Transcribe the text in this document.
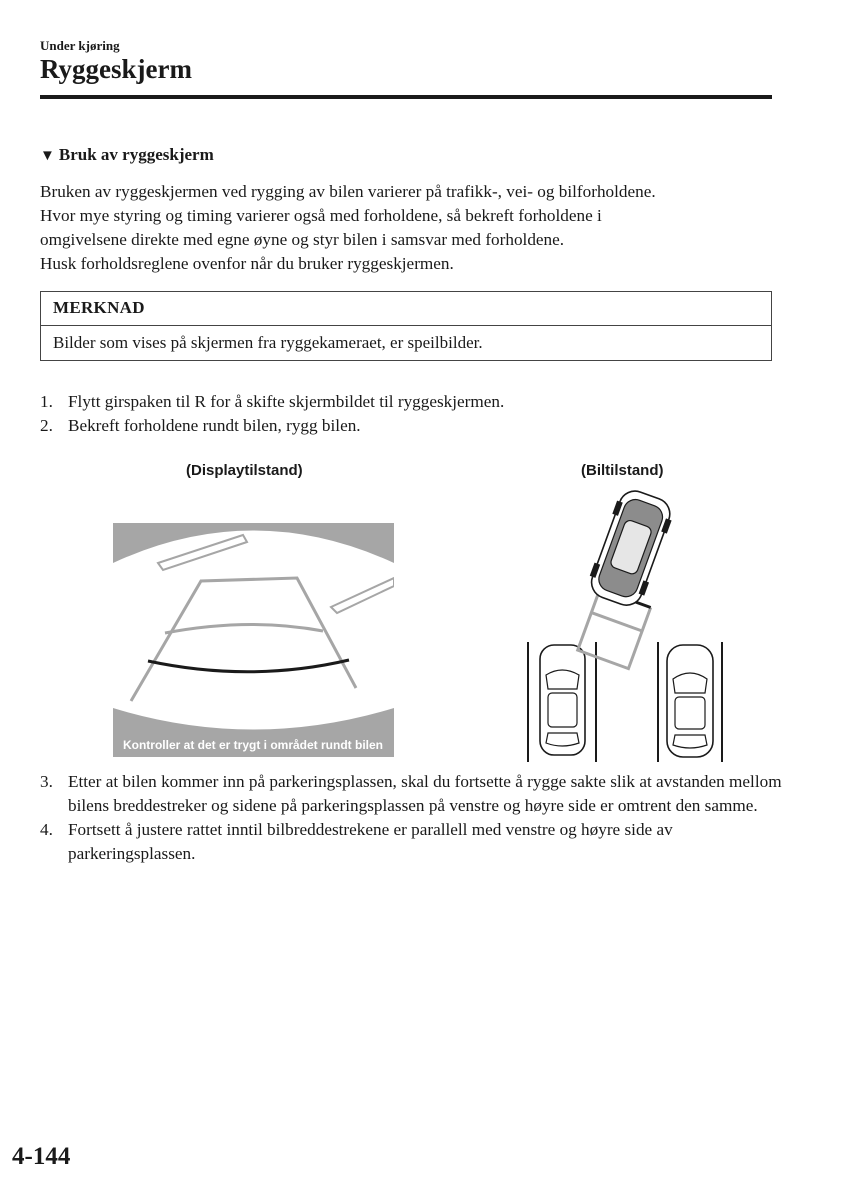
Under kjøring
Ryggeskjerm
▼ Bruk av ryggeskjerm
Bruken av ryggeskjermen ved rygging av bilen varierer på trafikk-, vei- og bilforholdene.
Hvor mye styring og timing varierer også med forholdene, så bekreft forholdene i
omgivelsene direkte med egne øyne og styr bilen i samsvar med forholdene.
Husk forholdsreglene ovenfor når du bruker ryggeskjermen.
MERKNAD
Bilder som vises på skjermen fra ryggekameraet, er speilbilder.
1. Flytt girspaken til R for å skifte skjermbildet til ryggeskjermen.
2. Bekreft forholdene rundt bilen, rygg bilen.
(Displaytilstand)	(Biltilstand)
Kontroller at det er trygt i området rundt bilen
3. Etter at bilen kommer inn på parkeringsplassen, skal du fortsette å rygge sakte slik at avstanden mellom bilens breddestreker og sidene på parkeringsplassen på venstre og høyre side er omtrent den samme.
4. Fortsett å justere rattet inntil bilbreddestrekene er parallell med venstre og høyre side av parkeringsplassen.
4-144
